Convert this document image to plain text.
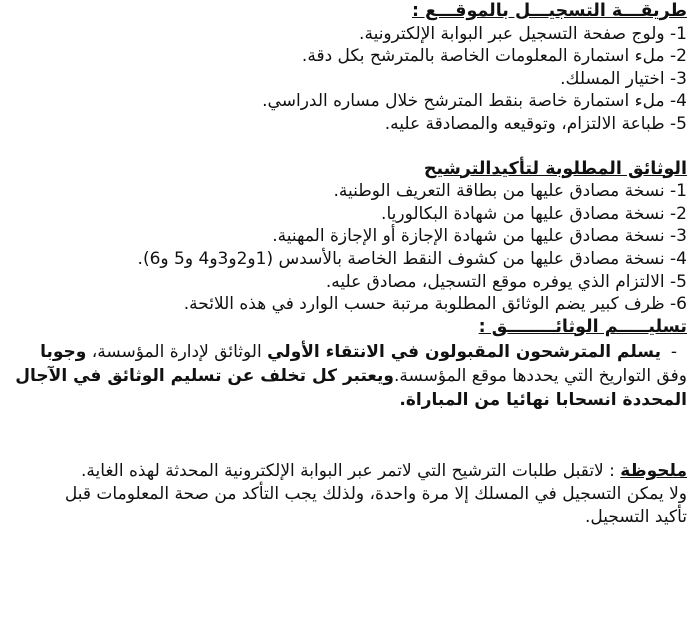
طريقـــة التسجيـــل بالموقـــع :
1- ولوج صفحة التسجيل عبر البوابة الإلكترونية.
2- ملء استمارة المعلومات الخاصة بالمترشح بكل دقة.
3- اختيار المسلك.
4- ملء استمارة خاصة بنقط المترشح خلال مساره الدراسي.
5- طباعة الالتزام، وتوقيعه والمصادقة عليه.
الوثائق المطلوبة لتأكيدالترشيح
1- نسخة مصادق عليها من بطاقة التعريف الوطنية.
2- نسخة مصادق عليها من شهادة البكالوريا.
3- نسخة مصادق عليها من شهادة الإجازة أو الإجازة المهنية.
4- نسخة مصادق عليها من كشوف النقط الخاصة بالأسدس (1و2و3و4 و5 و6).
5- الالتزام الذي يوفره موقع التسجيل، مصادق عليه.
6- ظرف كبير يضم الوثائق المطلوبة مرتبة حسب الوارد في هذه اللائحة.
تسليـــــم الوثائــــــــق :
-يسلم المترشحون المقبولون في الانتقاء الأولي الوثائق لإدارة المؤسسة، وجوبا وفق التواريخ التي يحددها موقع المؤسسة.ويعتبر كل تخلف عن تسليم الوثائق في الآجال المحددة انسحابا نهائيا من المباراة.
ملحوظة : لاتقبل طلبات الترشيح التي لاتمر عبر البوابة الإلكترونية المحدثة لهذه الغاية.
ولا يمكن التسجيل في المسلك إلا مرة واحدة، ولذلك يجب التأكد من صحة المعلومات قبل
تأكيد التسجيل.
